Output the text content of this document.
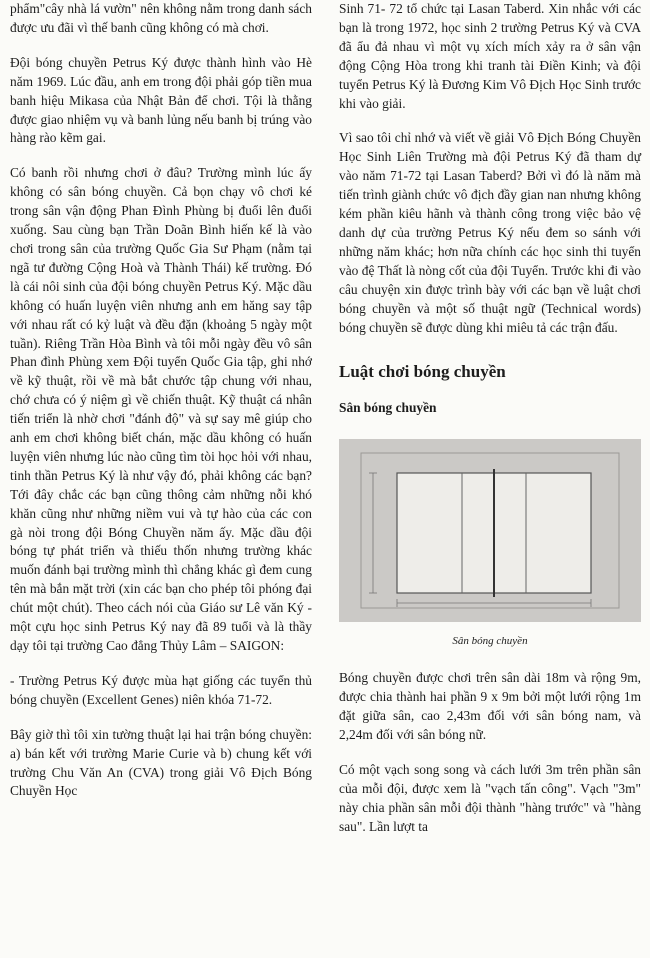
phẩm"cây nhà lá vườn" nên không nằm trong danh sách được ưu đãi vì thế banh cũng không có mà chơi.

Đội bóng chuyền Petrus Ký được thành hình vào Hè năm 1969. Lúc đầu, anh em trong đội phải góp tiền mua banh hiệu Mikasa của Nhật Bản để chơi. Tội là thằng được giao nhiệm vụ và banh lủng nếu banh bị trúng vào hàng rào kẽm gai.

Có banh rồi nhưng chơi ở đâu? Trường mình lúc ấy không có sân bóng chuyền. Cả bọn chạy vô chơi ké trong sân vận động Phan Đình Phùng bị đuổi lên đuổi xuống. Sau cùng bạn Trần Doãn Bình hiến kế là vào chơi trong sân của trường Quốc Gia Sư Phạm (nằm tại ngã tư đường Cộng Hoà và Thành Thái) kế trường. Đó là cái nôi sinh của đội bóng chuyền Petrus Ký. Mặc dầu không có huấn luyện viên nhưng anh em hăng say tập với nhau rất có kỷ luật và đều đặn (khoảng 5 ngày một tuần). Riêng Trần Hòa Bình và tôi mỗi ngày đều vô sân Phan đình Phùng xem Đội tuyển Quốc Gia tập, ghi nhớ về kỹ thuật, rồi về mà bắt chước tập chung với nhau, chớ chưa có ý niệm gì về chiến thuật. Kỹ thuật cá nhân tiến triển là nhờ chơi "đánh độ" và sự say mê giúp cho anh em chơi không biết chán, mặc dầu không có huấn luyện viên nhưng lúc nào cũng tìm tòi học hỏi với nhau, tinh thần Petrus Ký là như vậy đó, phải không các bạn? Tới đây chắc các bạn cũng thông cảm những nỗi khó khăn cũng như những niềm vui và tự hào của các con gà nòi trong đội Bóng Chuyền năm ấy. Mặc dầu đội bóng tự phát triển và thiếu thốn nhưng trường khác muốn đánh bại trường mình thì chẳng khác gì đem cung tên mà bắn mặt trời (xin các bạn cho phép tôi phóng đại chút một chút). Theo cách nói của Giáo sư Lê văn Ký - một cựu học sinh Petrus Ký nay đã 89 tuổi và là thầy dạy tôi tại trường Cao đẳng Thủy Lâm – SAIGON:

- Trường Petrus Ký được mùa hạt giống các tuyển thủ bóng chuyền (Excellent Genes) niên khóa 71-72.

Bây giờ thì tôi xin tường thuật lại hai trận bóng chuyền: a) bán kết với trường Marie Curie và b) chung kết với trường Chu Văn An (CVA) trong giải Vô Địch Bóng Chuyền Học

Sinh 71- 72 tổ chức tại Lasan Taberd. Xin nhắc với các bạn là trong 1972, học sinh 2 trường Petrus Ký và CVA đã ẩu đả nhau vì một vụ xích mích xảy ra ở sân vận động Cộng Hòa trong khi tranh tài Điền Kinh; và đội tuyển Petrus Ký là Đương Kim Vô Địch Học Sinh trước khi vào giải.

Vì sao tôi chỉ nhớ và viết về giải Vô Địch Bóng Chuyền Học Sinh Liên Trường mà đội Petrus Ký đã tham dự vào năm 71-72 tại Lasan Taberd? Bởi vì đó là năm mà tiến trình giành chức vô địch đầy gian nan nhưng không kém phần kiêu hãnh và thành công trong việc bảo vệ danh dự của trường Petrus Ký nếu đem so sánh với những năm khác; hơn nữa chính các học sinh thi tuyển vào đệ Thất là nòng cốt của đội Tuyển. Trước khi đi vào câu chuyện xin được trình bày với các bạn về luật chơi bóng chuyền và một số thuật ngữ (Technical words) bóng chuyền sẽ được dùng khi miêu tả các trận đấu.

Luật chơi bóng chuyền
Sân bóng chuyền
Sân bóng chuyền

Bóng chuyền được chơi trên sân dài 18m và rộng 9m, được chia thành hai phần 9 x 9m bởi một lưới rộng 1m đặt giữa sân, cao 2,43m đối với sân bóng nam, và 2,24m đối với sân bóng nữ.

Có một vạch song song và cách lưới 3m trên phần sân của mỗi đội, được xem là "vạch tấn công". Vạch "3m" này chia phần sân mỗi đội thành "hàng trước" và "hàng sau". Lần lượt ta
